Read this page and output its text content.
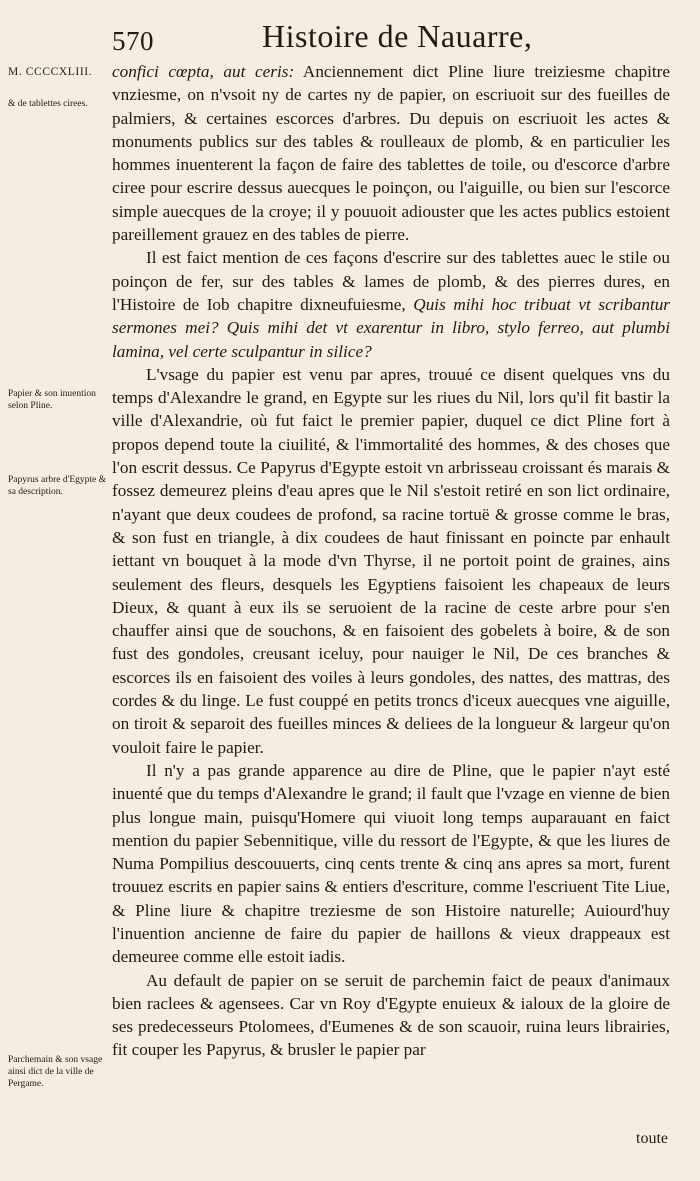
570	Histoire de Nauarre,
M. CCCCXLIII.
& de tablettes cirees.
Papier & son inuention selon Pline.
Papyrus arbre d'Egypte & sa description.
Parchemain & son vsage ainsi dict de la ville de Pergame.

confici cœpta, aut ceris: Anciennement dict Pline liure treiziesme chapitre vnziesme, on n'vsoit ny de cartes ny de papier, on escriuoit sur des fueilles de palmiers, & certaines escorces d'arbres. Du depuis on escriuoit les actes & monuments publics sur des tables & roulleaux de plomb, & en particulier les hommes inuenterent la façon de faire des tablettes de toile, ou d'escorce d'arbre ciree pour escrire dessus auecques le poinçon, ou l'aiguille, ou bien sur l'escorce simple auecques de la croye; il y pouuoit adiouster que les actes publics estoient pareillement grauez en des tables de pierre.

Il est faict mention de ces façons d'escrire sur des tablettes auec le stile ou poinçon de fer, sur des tables & lames de plomb, & des pierres dures, en l'Histoire de Iob chapitre dixneufuiesme, Quis mihi hoc tribuat vt scribantur sermones mei? Quis mihi det vt exarentur in libro, stylo ferreo, aut plumbi lamina, vel certe sculpantur in silice?

L'vsage du papier est venu par apres, trouué ce disent quelques vns du temps d'Alexandre le grand, en Egypte sur les riues du Nil, lors qu'il fit bastir la ville d'Alexandrie, où fut faict le premier papier, duquel ce dict Pline fort à propos depend toute la ciuilité, & l'immortalité des hommes, & des choses que l'on escrit dessus. Ce Papyrus d'Egypte estoit vn arbrisseau croissant és marais & fossez demeurez pleins d'eau apres que le Nil s'estoit retiré en son lict ordinaire, n'ayant que deux coudees de profond, sa racine tortuë & grosse comme le bras, & son fust en triangle, à dix coudees de haut finissant en poincte par enhault iettant vn bouquet à la mode d'vn Thyrse, il ne portoit point de graines, ains seulement des fleurs, desquels les Egyptiens faisoient les chapeaux de leurs Dieux, & quant à eux ils se seruoient de la racine de ceste arbre pour s'en chauffer ainsi que de souchons, & en faisoient des gobelets à boire, & de son fust des gondoles, creusant iceluy, pour nauiger le Nil, De ces branches & escorces ils en faisoient des voiles à leurs gondoles, des nattes, des mattras, des cordes & du linge. Le fust couppé en petits troncs d'iceux auecques vne aiguille, on tiroit & separoit des fueilles minces & deliees de la longueur & largeur qu'on vouloit faire le papier.

Il n'y a pas grande apparence au dire de Pline, que le papier n'ayt esté inuenté que du temps d'Alexandre le grand; il fault que l'vzage en vienne de bien plus longue main, puisqu'Homere qui viuoit long temps auparauant en faict mention du papier Sebennitique, ville du ressort de l'Egypte, & que les liures de Numa Pompilius descouuerts, cinq cents trente & cinq ans apres sa mort, furent trouuez escrits en papier sains & entiers d'escriture, comme l'escriuent Tite Liue, & Pline liure & chapitre treziesme de son Histoire naturelle; Auiourd'huy l'inuention ancienne de faire du papier de haillons & vieux drappeaux est demeuree comme elle estoit iadis.

Au default de papier on se seruit de parchemin faict de peaux d'animaux bien raclees & agensees. Car vn Roy d'Egypte enuieux & ialoux de la gloire de ses predecesseurs Ptolomees, d'Eumenes & de son scauoir, ruina leurs librairies, fit couper les Papyrus, & brusler le papier par

toute
